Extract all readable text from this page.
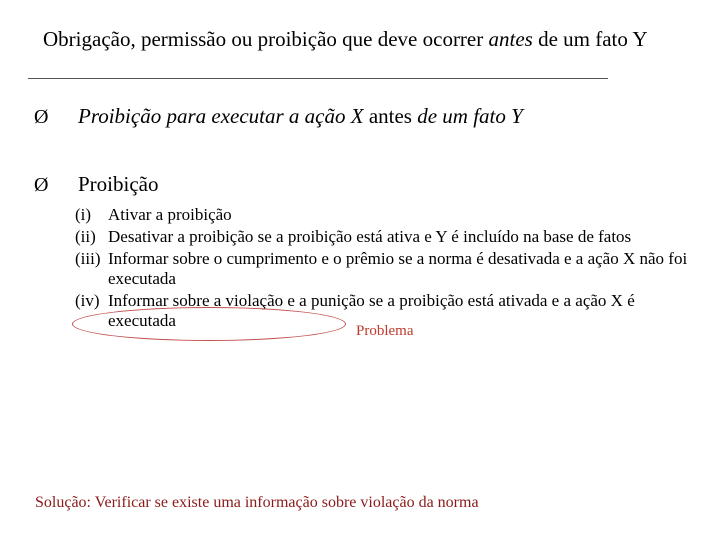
Obrigação, permissão ou proibição que deve ocorrer antes de um fato Y
Ø Proibição para executar a ação X antes de um fato Y
Ø Proibição
(i) Ativar a proibição
(ii) Desativar a proibição se a proibição está ativa e Y é incluído na base de fatos
(iii) Informar sobre o cumprimento e o prêmio se a norma é desativada e a ação X não foi executada
(iv) Informar sobre a violação e a punição se a proibição está ativada e a ação X é executada
Problema
Solução: Verificar se existe uma informação sobre violação da norma
